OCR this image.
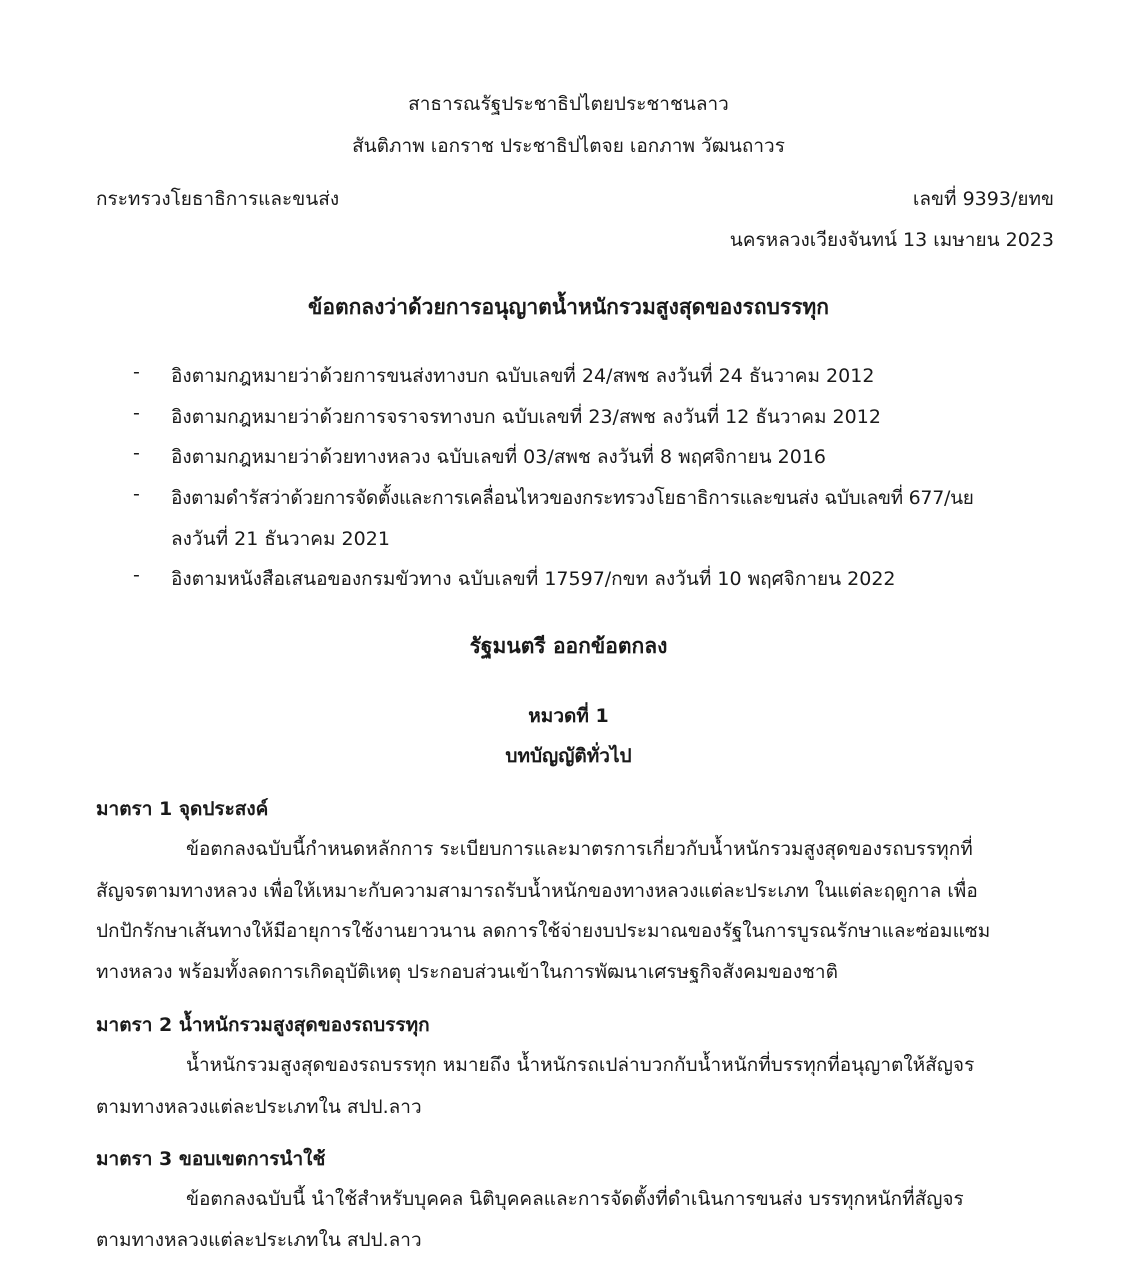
สาธารณรัฐประชาธิปไตยประชาชนลาว
สันติภาพ เอกราช ประชาธิปไตจย เอกภาพ วัฒนถาวร
กระทรวงโยธาธิการและขนส่ง	เลขที่ 9393/ยทข
นครหลวงเวียงจันทน์ 13 เมษายน 2023
ข้อตกลงว่าด้วยการอนุญาตน้ำหนักรวมสูงสุดของรถบรรทุก
- อิงตามกฎหมายว่าด้วยการขนส่งทางบก ฉบับเลขที่ 24/สพช ลงวันที่ 24 ธันวาคม 2012
- อิงตามกฎหมายว่าด้วยการจราจรทางบก ฉบับเลขที่ 23/สพช ลงวันที่ 12 ธันวาคม 2012
- อิงตามกฎหมายว่าด้วยทางหลวง ฉบับเลขที่ 03/สพช ลงวันที่ 8 พฤศจิกายน 2016
- อิงตามดำรัสว่าด้วยการจัดตั้งและการเคลื่อนไหวของกระทรวงโยธาธิการและขนส่ง ฉบับเลขที่ 677/นย
ลงวันที่ 21 ธันวาคม 2021
- อิงตามหนังสือเสนอของกรมขัวทาง ฉบับเลขที่ 17597/กขท ลงวันที่ 10 พฤศจิกายน 2022
รัฐมนตรี ออกข้อตกลง
หมวดที่ 1
บทบัญญัติทั่วไป
มาตรา 1 จุดประสงค์
ข้อตกลงฉบับนี้กำหนดหลักการ ระเบียบการและมาตรการเกี่ยวกับน้ำหนักรวมสูงสุดของรถบรรทุกที่
สัญจรตามทางหลวง เพื่อให้เหมาะกับความสามารถรับน้ำหนักของทางหลวงแต่ละประเภท ในแต่ละฤดูกาล เพื่อ
ปกปักรักษาเส้นทางให้มีอายุการใช้งานยาวนาน ลดการใช้จ่ายงบประมาณของรัฐในการบูรณรักษาและซ่อมแซม
ทางหลวง พร้อมทั้งลดการเกิดอุบัติเหตุ ประกอบส่วนเข้าในการพัฒนาเศรษฐกิจสังคมของชาติ
มาตรา 2 น้ำหนักรวมสูงสุดของรถบรรทุก
น้ำหนักรวมสูงสุดของรถบรรทุก หมายถึง น้ำหนักรถเปล่าบวกกับน้ำหนักที่บรรทุกที่อนุญาตให้สัญจร
ตามทางหลวงแต่ละประเภทใน สปป.ลาว
มาตรา 3 ขอบเขตการนำใช้
ข้อตกลงฉบับนี้ นำใช้สำหรับบุคคล นิติบุคคลและการจัดตั้งที่ดำเนินการขนส่ง บรรทุกหนักที่สัญจร
ตามทางหลวงแต่ละประเภทใน สปป.ลาว
